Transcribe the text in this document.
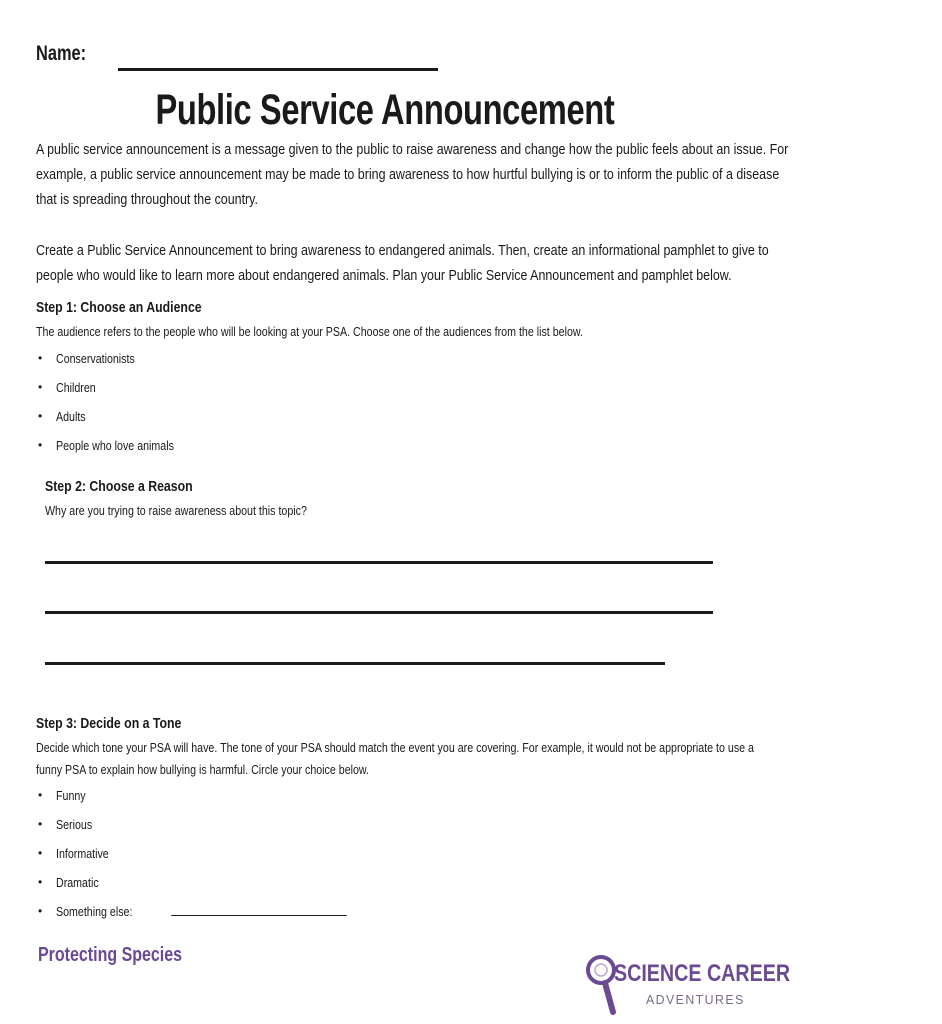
Name:
Public Service Announcement
A public service announcement is a message given to the public to raise awareness and change how the public feels about an issue. For
example, a public service announcement may be made to bring awareness to how hurtful bullying is or to inform the public of a disease
that is spreading throughout the country.
Create a Public Service Announcement to bring awareness to endangered animals. Then, create an informational pamphlet to give to
people who would like to learn more about endangered animals. Plan your Public Service Announcement and pamphlet below.
Step 1: Choose an Audience
The audience refers to the people who will be looking at your PSA. Choose one of the audiences from the list below.
• Conservationists
• Children
• Adults
• People who love animals
Step 2: Choose a Reason
Why are you trying to raise awareness about this topic?
Step 3: Decide on a Tone
Decide which tone your PSA will have. The tone of your PSA should match the event you are covering. For example, it would not be appropriate to use a
funny PSA to explain how bullying is harmful. Circle your choice below.
• Funny
• Serious
• Informative
• Dramatic
• Something else:
Protecting Species
SCIENCE CAREER
ADVENTURES
